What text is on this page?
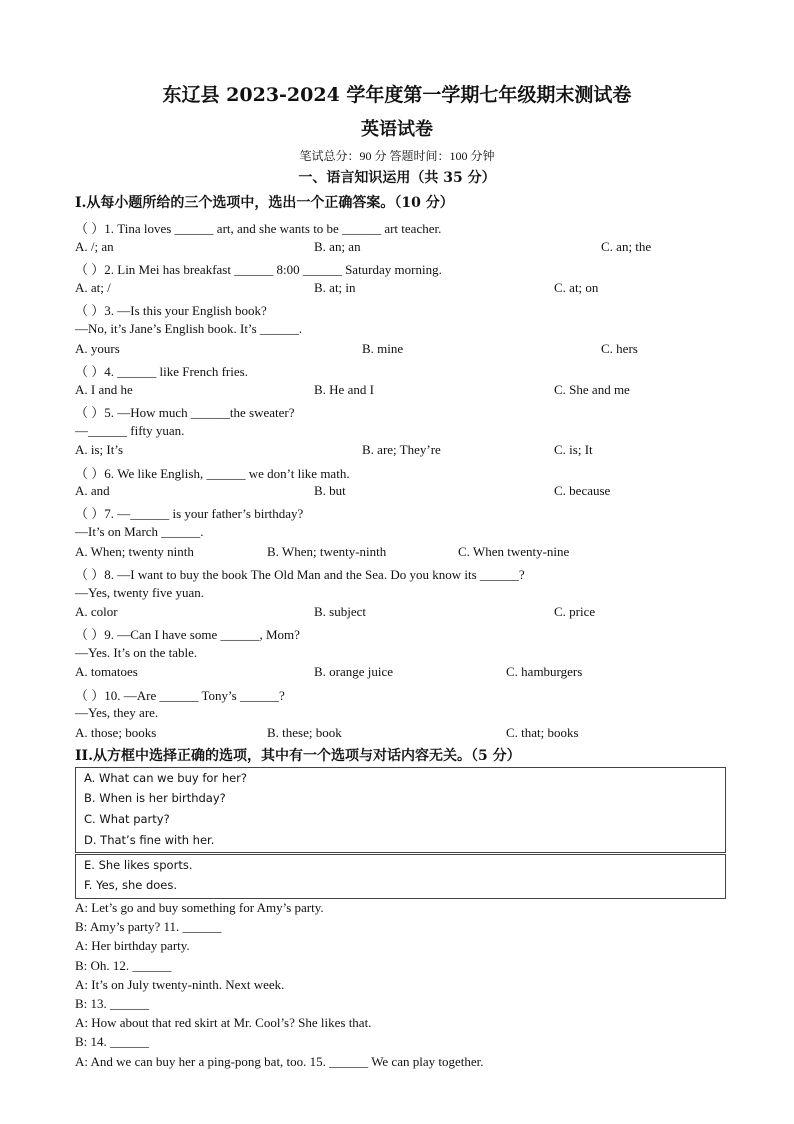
东辽县 2023-2024 学年度第一学期七年级期末测试卷
英语试卷
笔试总分：90 分 答题时间：100 分钟
一、语言知识运用（共 35 分）
I.从每小题所给的三个选项中，选出一个正确答案。（10 分）
（ ）1. Tina loves ______ art, and she wants to be ______ art teacher.
A. /; an	B. an; an	C. an; the
（ ）2. Lin Mei has breakfast ______ 8:00 ______ Saturday morning.
A. at; /	B. at; in	C. at; on
（ ）3. —Is this your English book?
—No, it’s Jane’s English book. It’s ______.
A. yours	B. mine	C. hers
（ ）4. ______ like French fries.
A. I and he	B. He and I	C. She and me
（ ）5. —How much ______the sweater?
—______ fifty yuan.
A. is; It’s	B. are; They’re	C. is; It
（ ）6. We like English, ______ we don’t like math.
A. and	B. but	C. because
（ ）7. —______ is your father’s birthday?
—It’s on March ______.
A. When; twenty ninth	B. When; twenty-ninth	C. When twenty-nine
（ ）8. —I want to buy the book The Old Man and the Sea. Do you know its ______?
—Yes, twenty five yuan.
A. color	B. subject	C. price
（ ）9. —Can I have some ______, Mom?
—Yes. It’s on the table.
A. tomatoes	B. orange juice	C. hamburgers
（ ）10. —Are ______ Tony’s ______?
—Yes, they are.
A. those; books	B. these; book	C. that; books
II.从方框中选择正确的选项，其中有一个选项与对话内容无关。（5 分）
A. What can we buy for her?
B. When is her birthday?
C. What party?
D. That’s fine with her.
E. She likes sports.
F. Yes, she does.
A: Let’s go and buy something for Amy’s party.
B: Amy’s party? 11. ______
A: Her birthday party.
B: Oh. 12. ______
A: It’s on July twenty-ninth. Next week.
B: 13. ______
A: How about that red skirt at Mr. Cool’s? She likes that.
B: 14. ______
A: And we can buy her a ping-pong bat, too. 15. ______ We can play together.
